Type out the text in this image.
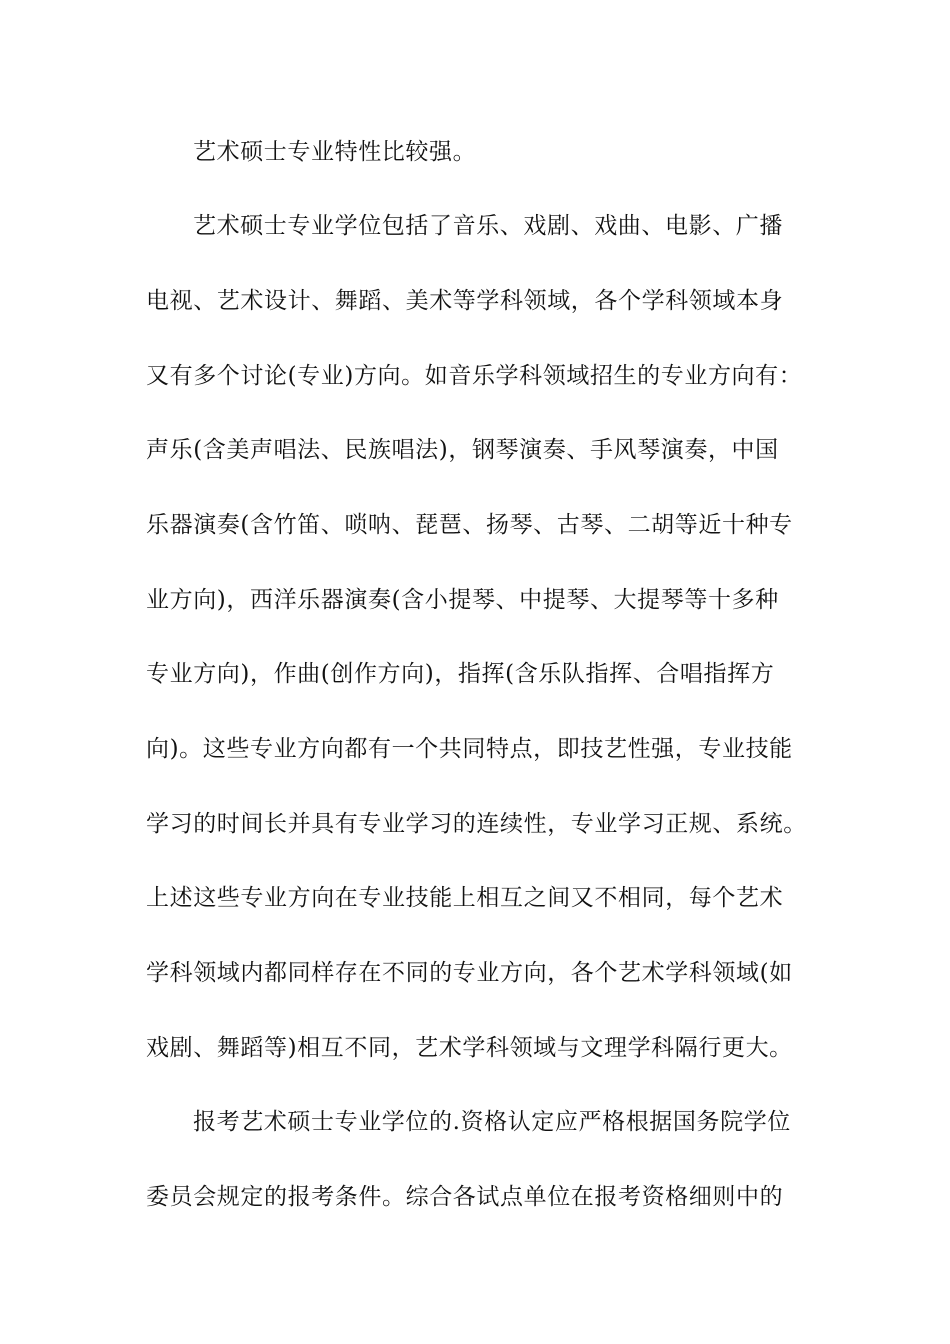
艺术硕士专业特性比较强。
艺术硕士专业学位包括了音乐、戏剧、戏曲、电影、广播
电视、艺术设计、舞蹈、美术等学科领域，各个学科领域本身
又有多个讨论(专业)方向。如音乐学科领域招生的专业方向有：
声乐(含美声唱法、民族唱法)，钢琴演奏、手风琴演奏，中国
乐器演奏(含竹笛、唢呐、琵琶、扬琴、古琴、二胡等近十种专
业方向)，西洋乐器演奏(含小提琴、中提琴、大提琴等十多种
专业方向)，作曲(创作方向)，指挥(含乐队指挥、合唱指挥方
向)。这些专业方向都有一个共同特点，即技艺性强，专业技能
学习的时间长并具有专业学习的连续性，专业学习正规、系统。
上述这些专业方向在专业技能上相互之间又不相同，每个艺术
学科领域内都同样存在不同的专业方向，各个艺术学科领域(如
戏剧、舞蹈等)相互不同，艺术学科领域与文理学科隔行更大。
报考艺术硕士专业学位的.资格认定应严格根据国务院学位
委员会规定的报考条件。综合各试点单位在报考资格细则中的
